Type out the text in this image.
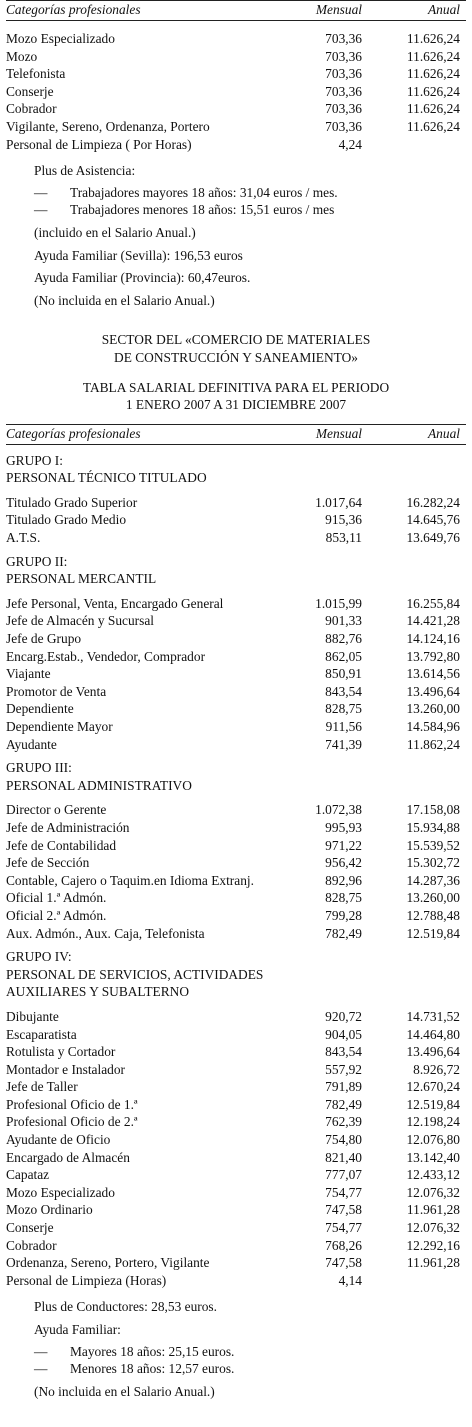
Categorías profesionales	Mensual	Anual
Mozo Especializado	703,36	11.626,24
Mozo	703,36	11.626,24
Telefonista	703,36	11.626,24
Conserje	703,36	11.626,24
Cobrador	703,36	11.626,24
Vigilante, Sereno, Ordenanza, Portero	703,36	11.626,24
Personal de Limpieza ( Por Horas)	4,24
Plus de Asistencia:
—	Trabajadores mayores 18 años: 31,04 euros / mes.
—	Trabajadores menores 18 años: 15,51 euros / mes
(incluido en el Salario Anual.)
Ayuda Familiar (Sevilla): 196,53 euros
Ayuda Familiar (Provincia): 60,47euros.
(No incluida en el Salario Anual.)
SECTOR DEL «COMERCIO DE MATERIALES
DE CONSTRUCCIÓN Y SANEAMIENTO»
TABLA SALARIAL DEFINITIVA PARA EL PERIODO
1 ENERO 2007 A 31 DICIEMBRE 2007
Categorías profesionales	Mensual	Anual
GRUPO I:
PERSONAL TÉCNICO TITULADO
Titulado Grado Superior	1.017,64	16.282,24
Titulado Grado Medio	915,36	14.645,76
A.T.S.	853,11	13.649,76
GRUPO II:
PERSONAL MERCANTIL
Jefe Personal, Venta, Encargado General	1.015,99	16.255,84
Jefe de Almacén y Sucursal	901,33	14.421,28
Jefe de Grupo	882,76	14.124,16
Encarg.Estab., Vendedor, Comprador	862,05	13.792,80
Viajante	850,91	13.614,56
Promotor de Venta	843,54	13.496,64
Dependiente	828,75	13.260,00
Dependiente Mayor	911,56	14.584,96
Ayudante	741,39	11.862,24
GRUPO III:
PERSONAL ADMINISTRATIVO
Director o Gerente	1.072,38	17.158,08
Jefe de Administración	995,93	15.934,88
Jefe de Contabilidad	971,22	15.539,52
Jefe de Sección	956,42	15.302,72
Contable, Cajero o Taquim.en Idioma Extranj.	892,96	14.287,36
Oficial 1.ª Admón.	828,75	13.260,00
Oficial 2.ª Admón.	799,28	12.788,48
Aux. Admón., Aux. Caja, Telefonista	782,49	12.519,84
GRUPO IV:
PERSONAL DE SERVICIOS, ACTIVIDADES
AUXILIARES Y SUBALTERNO
Dibujante	920,72	14.731,52
Escaparatista	904,05	14.464,80
Rotulista y Cortador	843,54	13.496,64
Montador e Instalador	557,92	8.926,72
Jefe de Taller	791,89	12.670,24
Profesional Oficio de 1.ª	782,49	12.519,84
Profesional Oficio de 2.ª	762,39	12.198,24
Ayudante de Oficio	754,80	12.076,80
Encargado de Almacén	821,40	13.142,40
Capataz	777,07	12.433,12
Mozo Especializado	754,77	12.076,32
Mozo Ordinario	747,58	11.961,28
Conserje	754,77	12.076,32
Cobrador	768,26	12.292,16
Ordenanza, Sereno, Portero, Vigilante	747,58	11.961,28
Personal de Limpieza (Horas)	4,14
Plus de Conductores: 28,53 euros.
Ayuda Familiar:
—	Mayores 18 años: 25,15 euros.
—	Menores 18 años: 12,57 euros.
(No incluida en el Salario Anual.)
